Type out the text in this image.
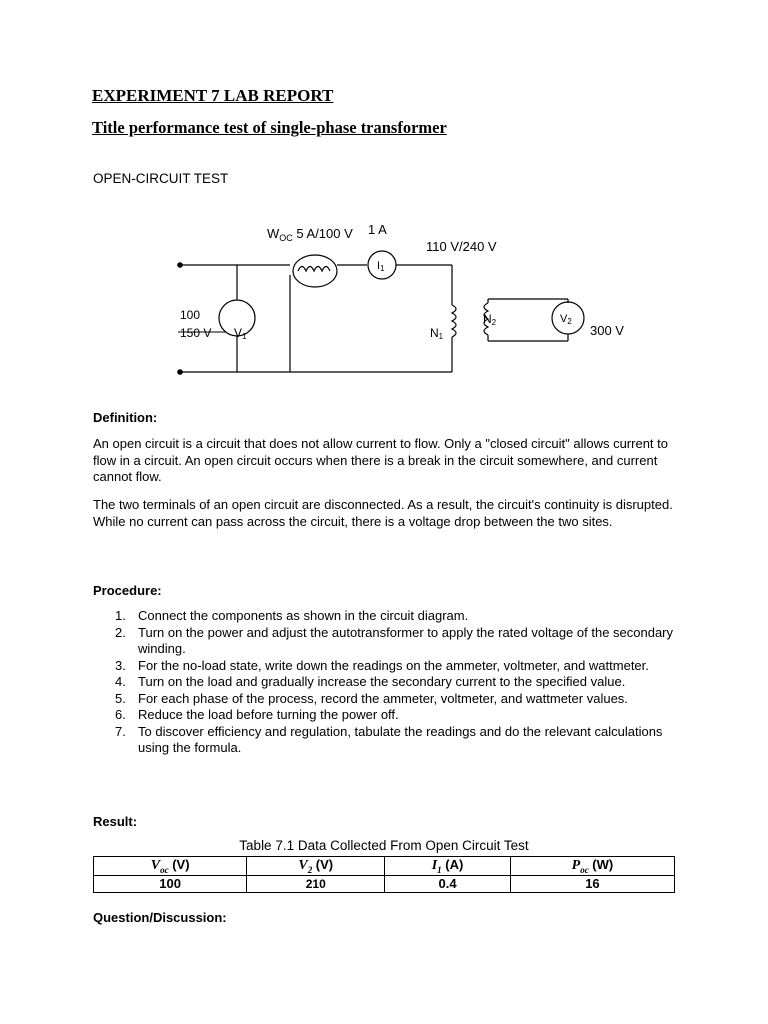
EXPERIMENT 7 LAB REPORT
Title performance test of single-phase transformer
OPEN-CIRCUIT TEST
$W_{OC}$ 5 A/100 V 1 A
I1
110 V/240 V
100
150 V V1	N1
N2	V2
300 V
Definition:
An open circuit is a circuit that does not allow current to flow. Only a "closed circuit" allows current to flow in a circuit. An open circuit occurs when there is a break in the circuit somewhere, and current cannot flow.
The two terminals of an open circuit are disconnected. As a result, the circuit's continuity is disrupted. While no current can pass across the circuit, there is a voltage drop between the two sites.
Procedure:
1. Connect the components as shown in the circuit diagram.
2. Turn on the power and adjust the autotransformer to apply the rated voltage of the secondary winding.
3. For the no-load state, write down the readings on the ammeter, voltmeter, and wattmeter.
4. Turn on the load and gradually increase the secondary current to the specified value.
5. For each phase of the process, record the ammeter, voltmeter, and wattmeter values.
6. Reduce the load before turning the power off.
7. To discover efficiency and regulation, tabulate the readings and do the relevant calculations using the formula.
Result:
Table 7.1 Data Collected From Open Circuit Test
$V_{oc}$ (V)	$V_2$ (V)	$I_1$ (A)	$P_{oc}$ (W)
100	210	0.4	16
Question/Discussion:
